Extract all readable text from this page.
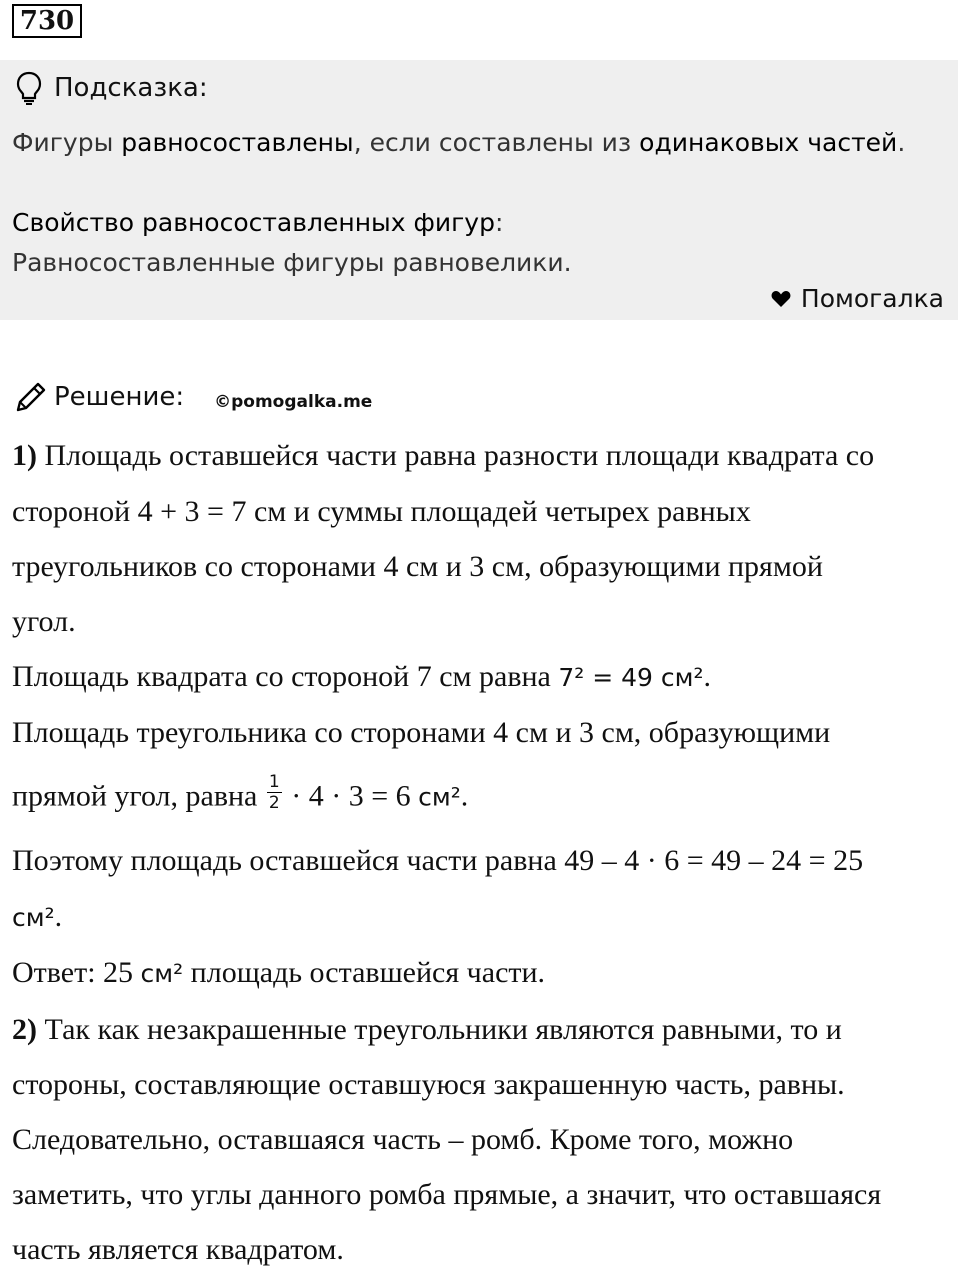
730
Подсказка:
Фигуры равносоставлены, если составлены из одинаковых частей.
Свойство равносоставленных фигур:
Равносоставленные фигуры равновелики.
Помогалка
Решение: ©pomogalka.me
1) Площадь оставшейся части равна разности площади квадрата со
стороной 4 + 3 = 7 см и суммы площадей четырех равных
треугольников со сторонами 4 см и 3 см, образующими прямой
угол.
Площадь квадрата со стороной 7 см равна 7² = 49 см².
Площадь треугольника со сторонами 4 см и 3 см, образующими
прямой угол, равна $\frac{1}{2} \cdot 4 \cdot 3 = 6$ см².
Поэтому площадь оставшейся части равна 49 – 4 · 6 = 49 – 24 = 25
см².
Ответ: 25 см² площадь оставшейся части.
2) Так как незакрашенные треугольники являются равными, то и
стороны, составляющие оставшуюся закрашенную часть, равны.
Следовательно, оставшаяся часть – ромб. Кроме того, можно
заметить, что углы данного ромба прямые, а значит, что оставшаяся
часть является квадратом.
